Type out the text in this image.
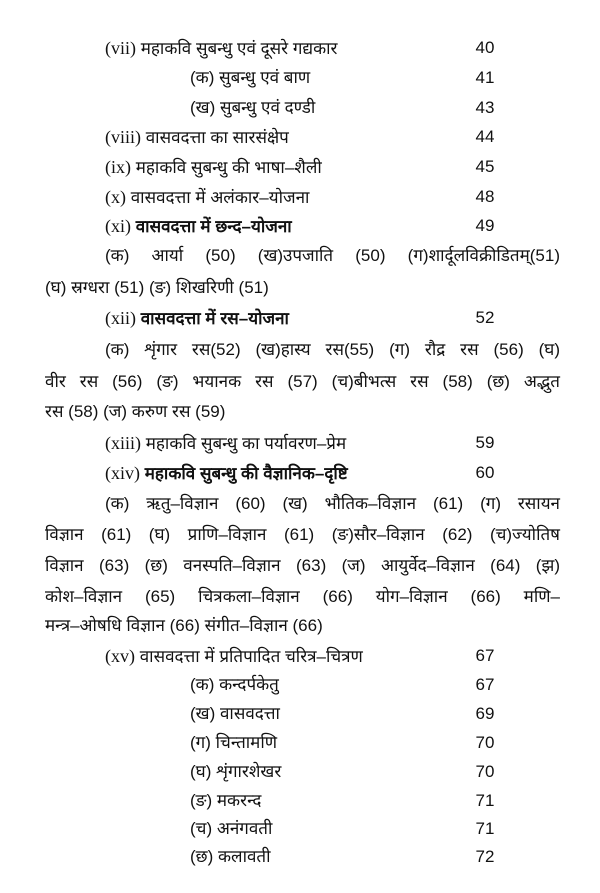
(vii) महाकवि सुबन्धु एवं दूसरे गद्यकार	40
(क) सुबन्धु एवं बाण	41
(ख) सुबन्धु एवं दण्डी	43
(viii) वासवदत्ता का सारसंक्षेप	44
(ix) महाकवि सुबन्धु की भाषा–शैली	45
(x) वासवदत्ता में अलंकार–योजना	48
(xi) वासवदत्ता में छन्द–योजना	49
(क) आर्या (50) (ख)उपजाति (50) (ग)शार्दूलविक्रीडितम्(51)
(घ) स्रग्धरा (51) (ङ) शिखरिणी (51)
(xii) वासवदत्ता में रस–योजना	52
(क) शृंगार रस(52) (ख)हास्य रस(55) (ग) रौद्र रस (56) (घ)
वीर रस (56) (ङ) भयानक रस (57) (च)बीभत्स रस (58) (छ) अद्भुत
रस (58) (ज) करुण रस (59)
(xiii) महाकवि सुबन्धु का पर्यावरण–प्रेम	59
(xiv) महाकवि सुबन्धु की वैज्ञानिक–दृष्टि	60
(क) ऋतु–विज्ञान (60) (ख) भौतिक–विज्ञान (61) (ग) रसायन
विज्ञान (61) (घ) प्राणि–विज्ञान (61) (ङ)सौर–विज्ञान (62) (च)ज्योतिष
विज्ञान (63) (छ) वनस्पति–विज्ञान (63) (ज) आयुर्वेद–विज्ञान (64) (झ)
कोश–विज्ञान (65) चित्रकला–विज्ञान (66) योग–विज्ञान (66) मणि–
मन्त्र–ओषधि विज्ञान (66) संगीत–विज्ञान (66)
(xv) वासवदत्ता में प्रतिपादित चरित्र–चित्रण	67
(क) कन्दर्पकेतु	67
(ख) वासवदत्ता	69
(ग) चिन्तामणि	70
(घ) शृंगारशेखर	70
(ङ) मकरन्द	71
(च) अनंगवती	71
(छ) कलावती	72
